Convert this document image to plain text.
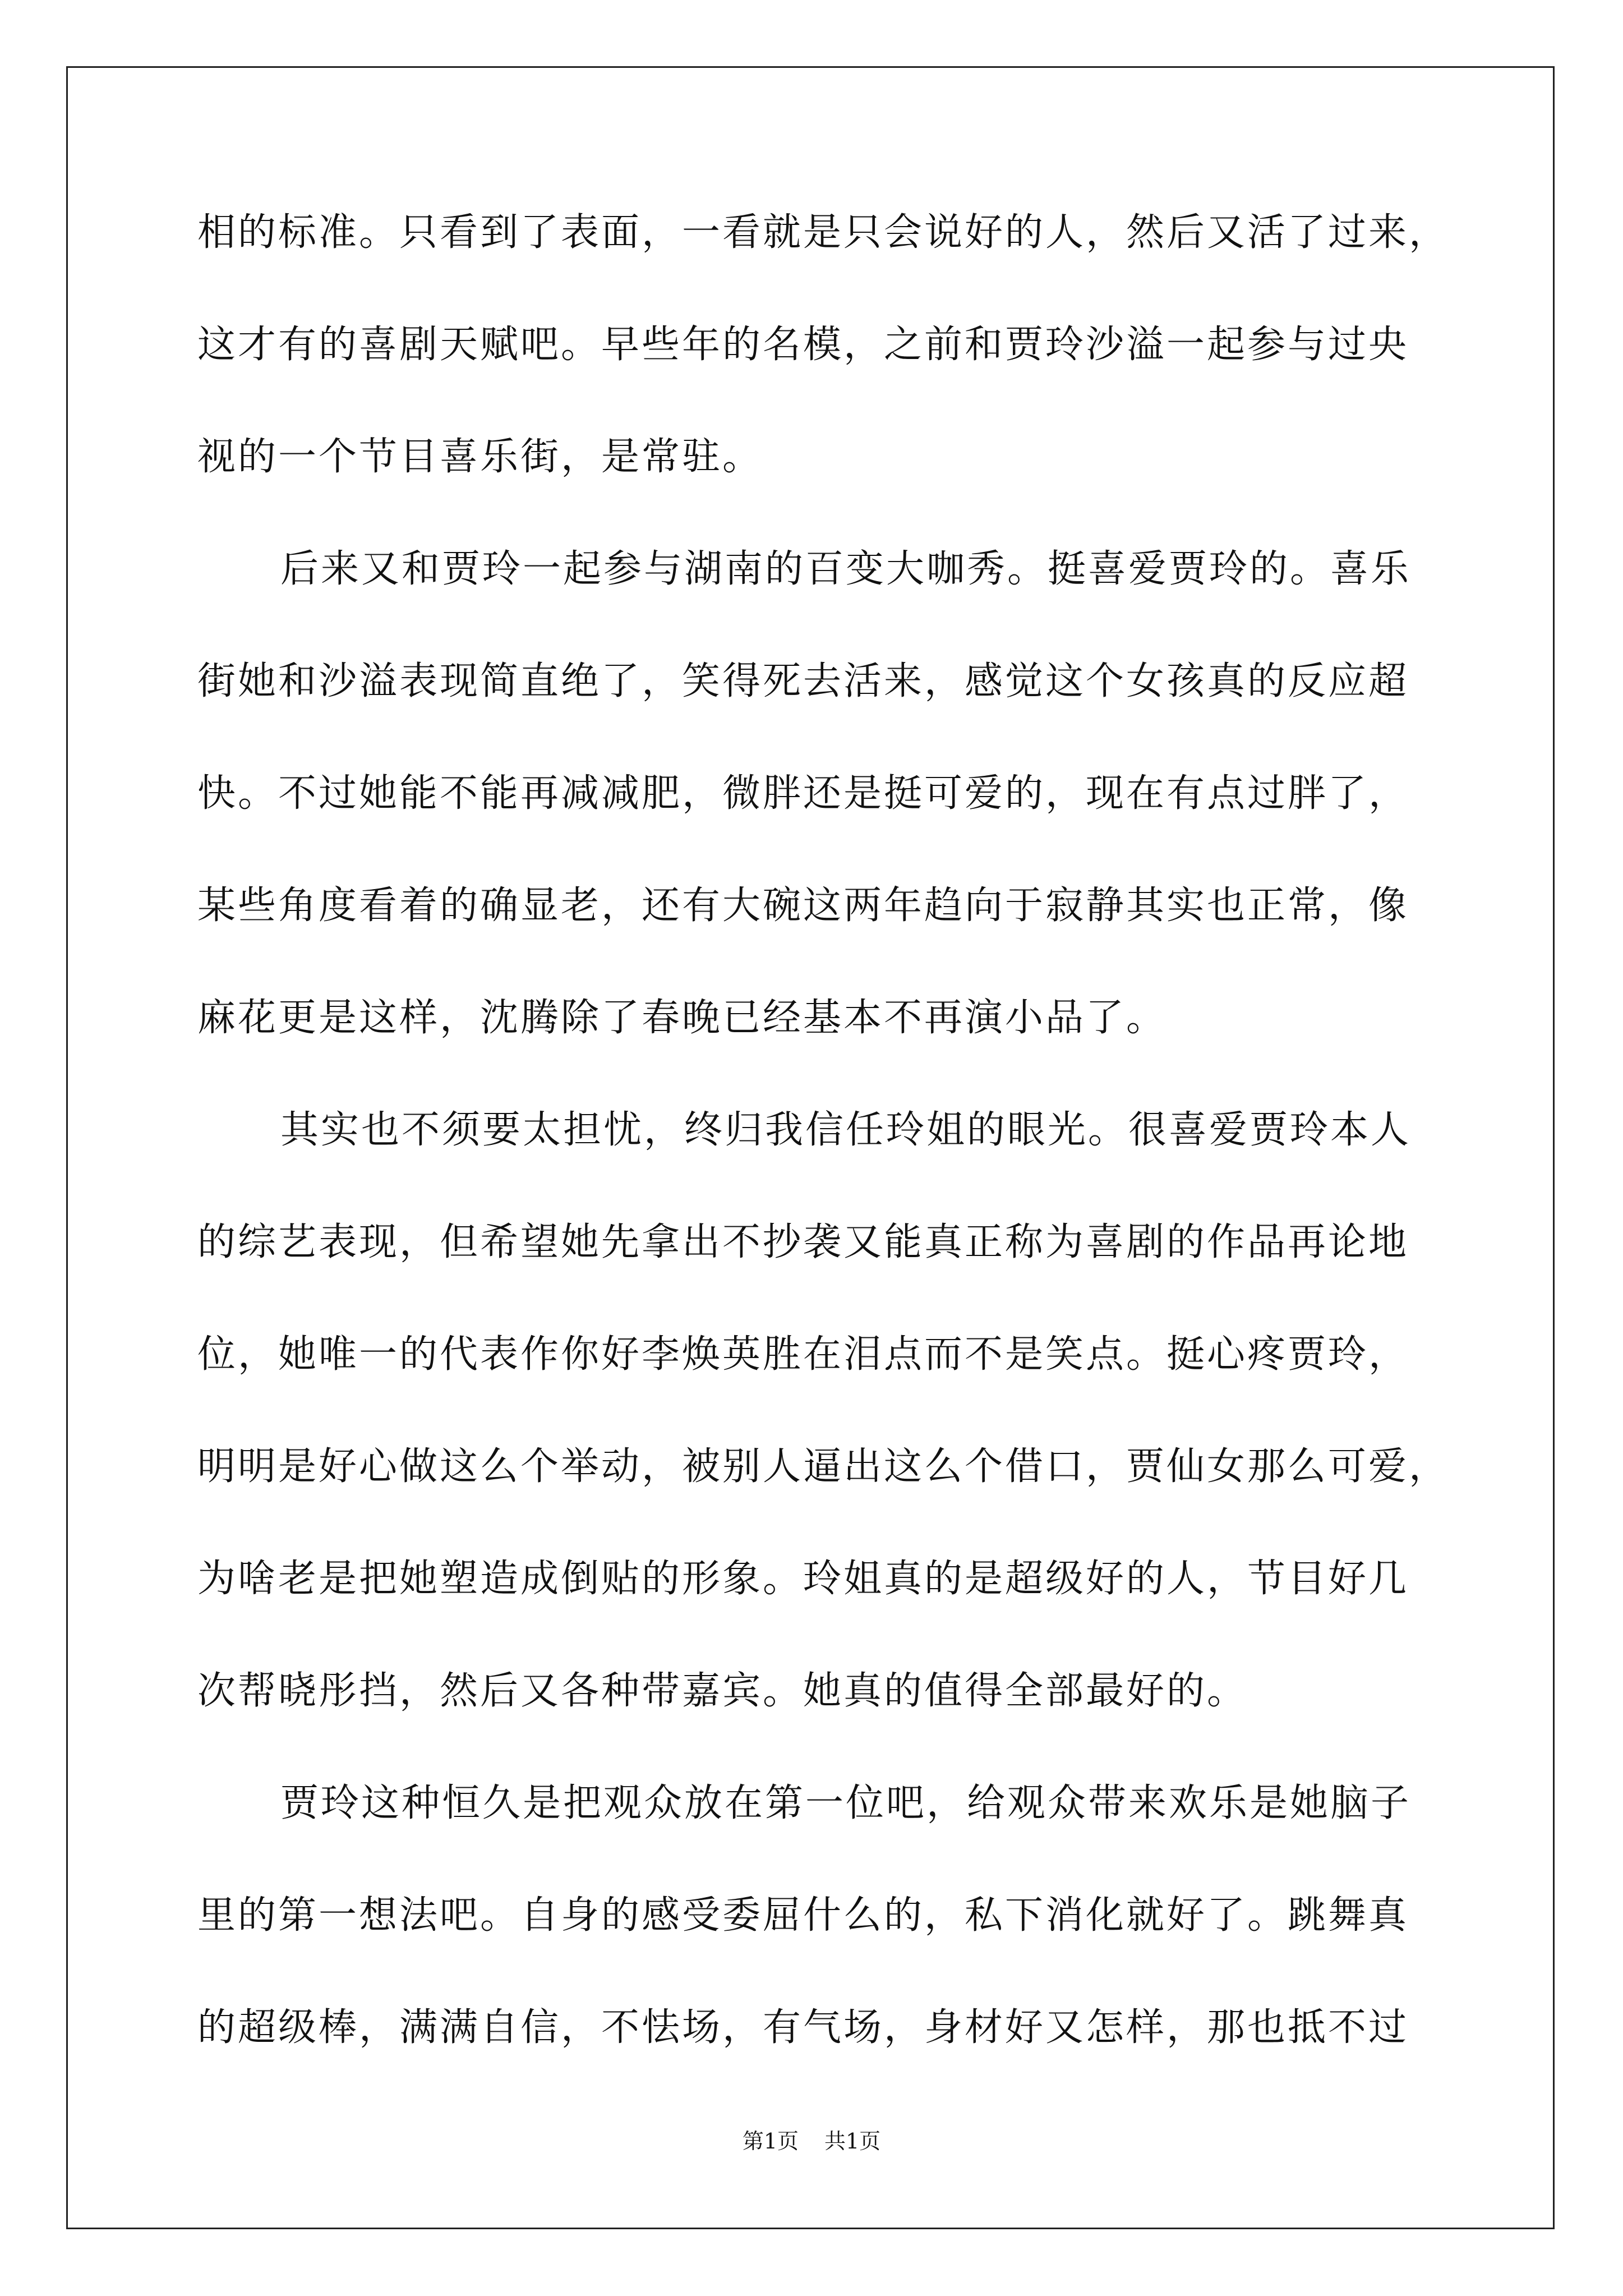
相的标准。只看到了表面，一看就是只会说好的人，然后又活了过来，
这才有的喜剧天赋吧。早些年的名模，之前和贾玲沙溢一起参与过央
视的一个节目喜乐街，是常驻。
后来又和贾玲一起参与湖南的百变大咖秀。挺喜爱贾玲的。喜乐
街她和沙溢表现简直绝了，笑得死去活来，感觉这个女孩真的反应超
快。不过她能不能再减减肥，微胖还是挺可爱的，现在有点过胖了，
某些角度看着的确显老，还有大碗这两年趋向于寂静其实也正常，像
麻花更是这样，沈腾除了春晚已经基本不再演小品了。
其实也不须要太担忧，终归我信任玲姐的眼光。很喜爱贾玲本人
的综艺表现，但希望她先拿出不抄袭又能真正称为喜剧的作品再论地
位，她唯一的代表作你好李焕英胜在泪点而不是笑点。挺心疼贾玲，
明明是好心做这么个举动，被别人逼出这么个借口，贾仙女那么可爱，
为啥老是把她塑造成倒贴的形象。玲姐真的是超级好的人，节目好几
次帮晓彤挡，然后又各种带嘉宾。她真的值得全部最好的。
贾玲这种恒久是把观众放在第一位吧，给观众带来欢乐是她脑子
里的第一想法吧。自身的感受委屈什么的，私下消化就好了。跳舞真
的超级棒，满满自信，不怯场，有气场，身材好又怎样，那也抵不过
第1页 共1页
